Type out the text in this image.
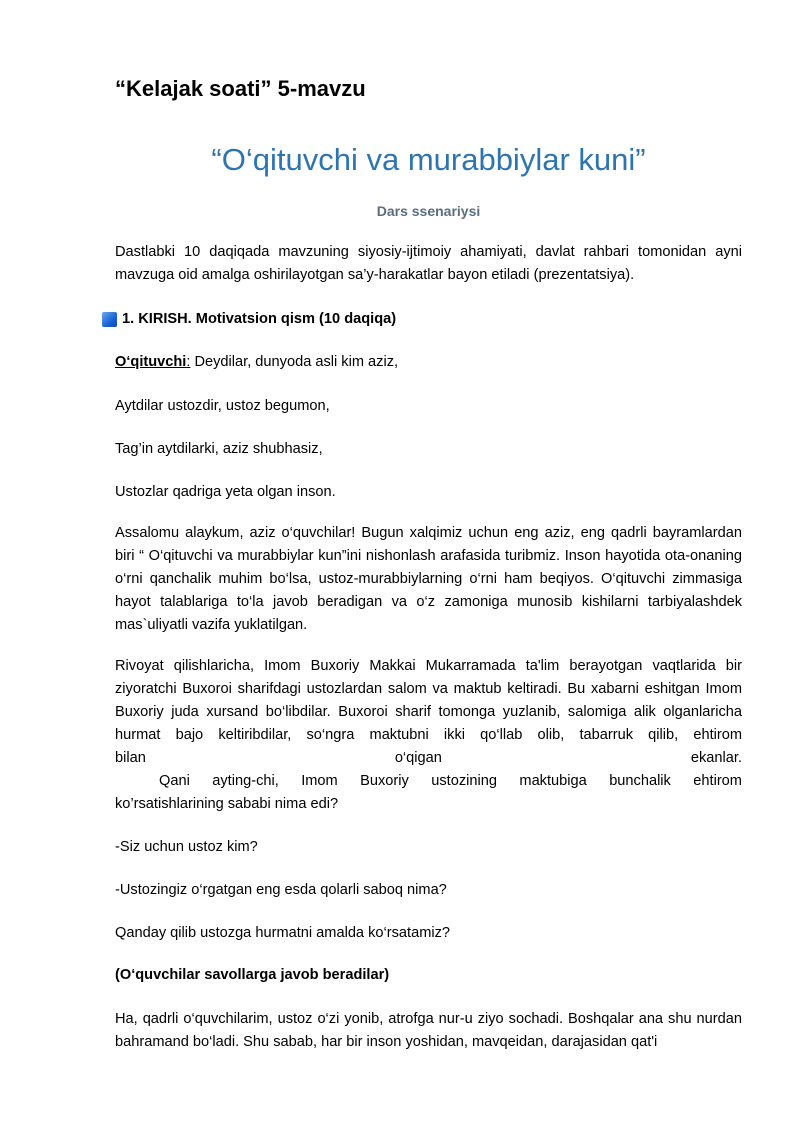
“Kelajak soati” 5-mavzu
“O‘qituvchi va murabbiylar kuni”
Dars ssenariysi
Dastlabki 10 daqiqada mavzuning siyosiy-ijtimoiy ahamiyati, davlat rahbari tomonidan ayni mavzuga oid amalga oshirilayotgan sa’y-harakatlar bayon etiladi (prezentatsiya).
1. KIRISH. Motivatsion qism (10 daqiqa)
O‘qituvchi: Deydilar, dunyoda asli kim aziz,
Aytdilar ustozdir, ustoz begumon,
Tag’in aytdilarki, aziz shubhasiz,
Ustozlar qadriga yeta olgan inson.
Assalomu alaykum, aziz o‘quvchilar! Bugun xalqimiz uchun eng aziz, eng qadrli bayramlardan biri “ O‘qituvchi va murabbiylar kun”ini nishonlash arafasida turibmiz. Inson hayotida ota-onaning o‘rni qanchalik muhim bo‘lsa, ustoz-murabbiylarning o‘rni ham beqiyos. O‘qituvchi zimmasiga hayot talablariga to‘la javob beradigan va o‘z zamoniga munosib kishilarni tarbiyalashdek mas`uliyatli vazifa yuklatilgan.
Rivoyat qilishlaricha, Imom Buxoriy Makkai Mukarramada ta'lim berayotgan vaqtlarida bir ziyoratchi Buxoroi sharifdagi ustozlardan salom va maktub keltiradi. Bu xabarni eshitgan Imom Buxoriy juda xursand bo‘libdilar. Buxoroi sharif tomonga yuzlanib, salomiga alik olganlaricha hurmat bajo keltiribdilar, so‘ngra maktubni ikki qo‘llab olib, tabarruk qilib, ehtirom
bilan	o‘qigan	ekanlar.
Qani ayting-chi, Imom Buxoriy ustozining maktubiga bunchalik ehtirom
ko’rsatishlarining sababi nima edi?
-Siz uchun ustoz kim?
-Ustozingiz o‘rgatgan eng esda qolarli saboq nima?
Qanday qilib ustozga hurmatni amalda ko‘rsatamiz?
(O‘quvchilar savollarga javob beradilar)
Ha, qadrli o‘quvchilarim, ustoz o‘zi yonib, atrofga nur-u ziyo sochadi. Boshqalar ana shu nurdan bahramand bo‘ladi. Shu sabab, har bir inson yoshidan, mavqeidan, darajasidan qat'i
